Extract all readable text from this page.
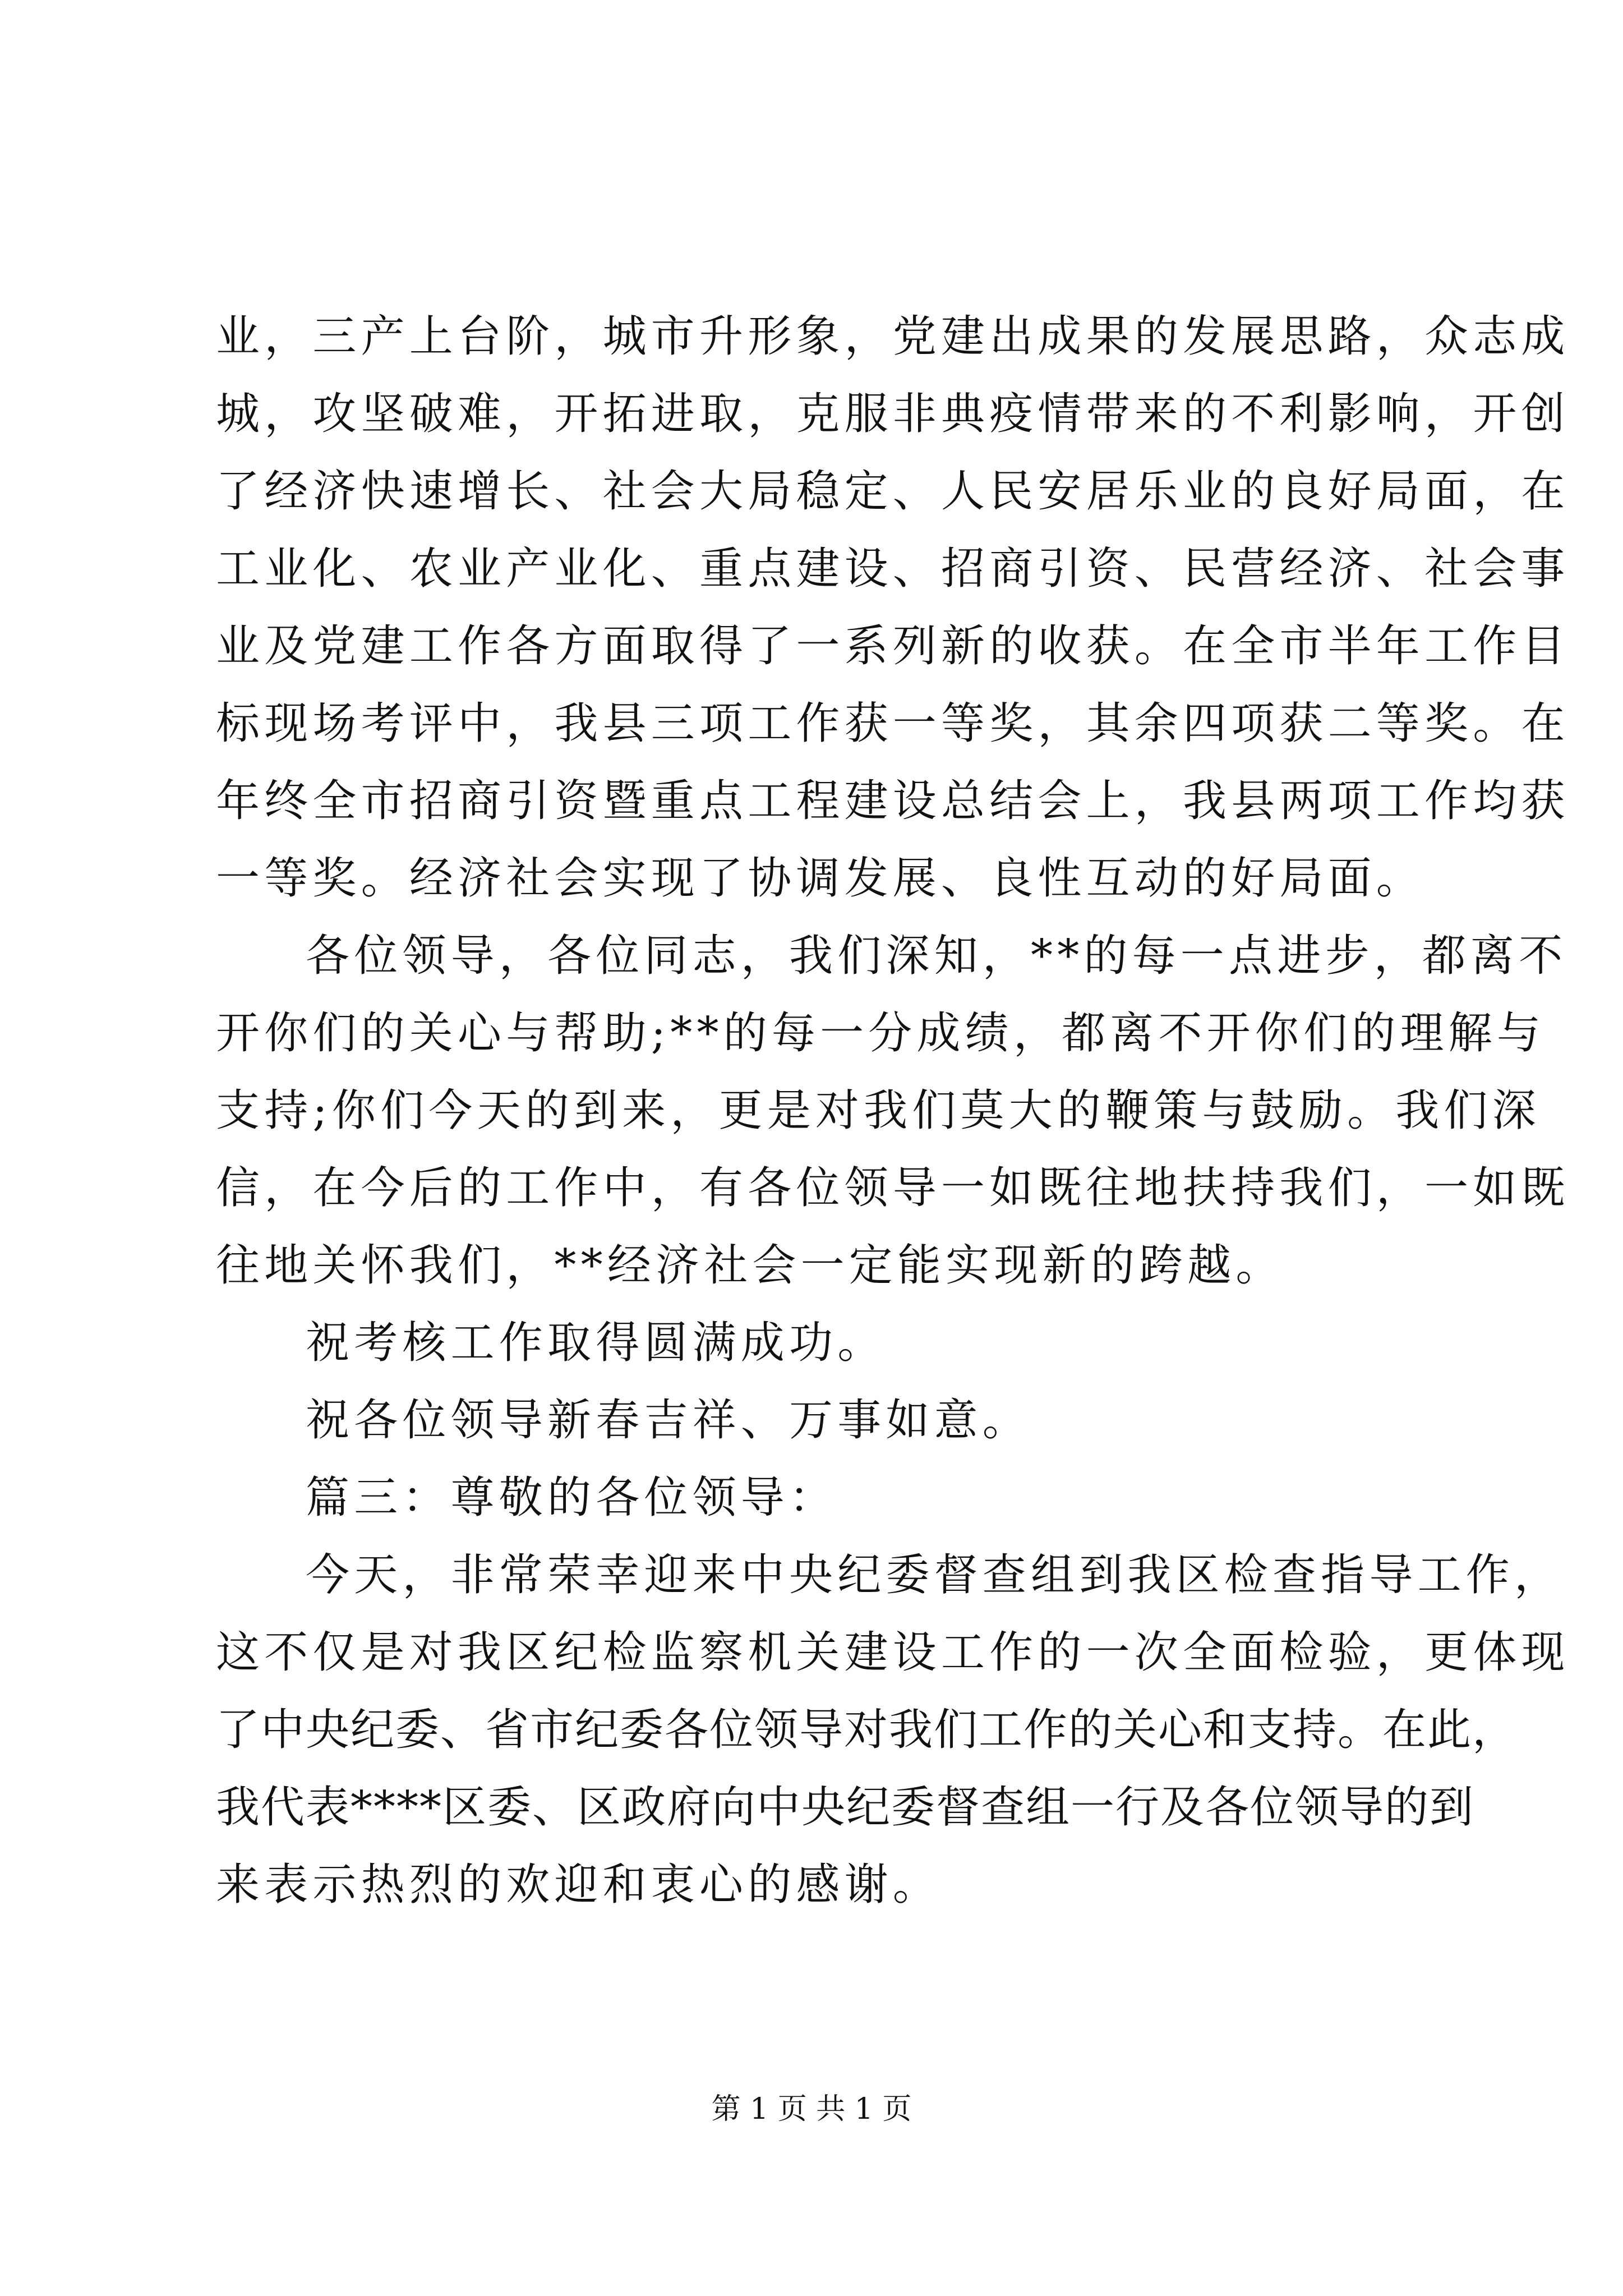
业，三产上台阶，城市升形象，党建出成果的发展思路，众志成
城，攻坚破难，开拓进取，克服非典疫情带来的不利影响，开创
了经济快速增长、社会大局稳定、人民安居乐业的良好局面，在
工业化、农业产业化、重点建设、招商引资、民营经济、社会事
业及党建工作各方面取得了一系列新的收获。在全市半年工作目
标现场考评中，我县三项工作获一等奖，其余四项获二等奖。在
年终全市招商引资暨重点工程建设总结会上，我县两项工作均获
一等奖。经济社会实现了协调发展、良性互动的好局面。
各位领导，各位同志，我们深知，**的每一点进步，都离不
开你们的关心与帮助;**的每一分成绩，都离不开你们的理解与
支持;你们今天的到来，更是对我们莫大的鞭策与鼓励。我们深
信，在今后的工作中，有各位领导一如既往地扶持我们，一如既
往地关怀我们，**经济社会一定能实现新的跨越。
祝考核工作取得圆满成功。
祝各位领导新春吉祥、万事如意。
篇三：尊敬的各位领导：
今天，非常荣幸迎来中央纪委督查组到我区检查指导工作，
这不仅是对我区纪检监察机关建设工作的一次全面检验，更体现
了中央纪委、省市纪委各位领导对我们工作的关心和支持。在此，
我代表****区委、区政府向中央纪委督查组一行及各位领导的到
来表示热烈的欢迎和衷心的感谢。
第 1 页 共 1 页
